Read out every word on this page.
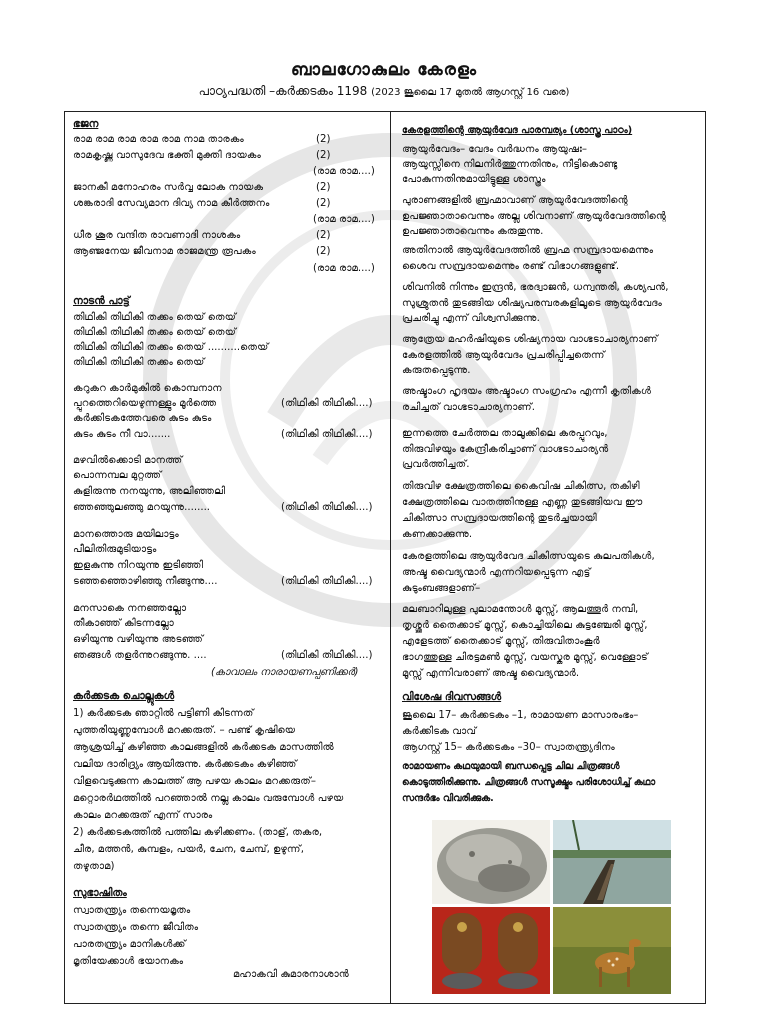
ബാലഗോകുലം കേരളം
പാഠ്യപദ്ധതി –കർക്കടകം 1198 (2023 ജൂലൈ 17 മുതൽ ആഗസ്റ്റ് 16 വരെ)
ഭജന
രാമ രാമ രാമ രാമ രാമ നാമ താരകം	(2)
രാമകൃഷ്ണ വാസുദേവ ഭക്തി മുക്തി ദായകം	(2)
(രാമ രാമ....)
ജാനകീ മനോഹരം സർവ്വ ലോക നായക	(2)
ശങ്കരാദി സേവ്യമാന ദിവ്യ നാമ കീർത്തനം	(2)
(രാമ രാമ....)
ധീര ശൂര വന്ദിത രാവണാദി നാശകം	(2)
ആഞ്ജനേയ ജീവനാമ രാജമന്ത്ര രൂപകം	(2)
(രാമ രാമ....)
നാടൻ പാട്ട്
തിഥികി തിഥികി തക്കം തെയ് തെയ്
തിഥികി തിഥികി തക്കം തെയ് തെയ്
തിഥികി തിഥികി തക്കം തെയ് ..........തെയ്
തിഥികി തിഥികി തക്കം തെയ്
കറുകറ കാർമുകിൽ കൊമ്പനാന
പ്പുറത്തെറിയെഴുന്നള്ളും മൂർത്തെ	(തിഥികി തിഥികി....)
കർക്കിടകത്തേവരെ കുടം കുടം
കുടം കുടം നീ വാ.......	(തിഥികി തിഥികി....)
മഴവിൽക്കൊടി മാനത്ത്
പൊന്നമ്പല മുറ്റത്ത്
കുളിരുന്നു നനയുന്നു, അലിഞ്ഞലി
ഞ്ഞഞ്ഞുലഞ്ഞു മറയുന്നു........	(തിഥികി തിഥികി....)
മാനത്തൊരു മയിലാട്ടം
പീലിതിരുമുടിയാട്ടം
ഇളകുന്നു നിറയുന്നു ഇടിഞ്ഞി
ടഞ്ഞഞ്ഞൊഴിഞ്ഞു നീങ്ങുന്നു....	(തിഥികി തിഥികി....)
മനസാകെ നനഞ്ഞല്ലോ
തീകാഞ്ഞ് കിടന്നല്ലോ
ഒഴിയുന്നു വഴിയുന്നു അടഞ്ഞ്
ഞങ്ങൾ തളർന്നുറങ്ങുന്നു. ....	(തിഥികി തിഥികി....)
(കാവാലം നാരായണപ്പണിക്കർ)
കർക്കടക ചൊല്ലുകൾ
1) കർക്കടക ഞാറ്റിൽ പട്ടിണി കിടന്നത്
പുത്തരിയുണ്ണുമ്പോൾ മറക്കരുത്. – പണ്ട് കൃഷിയെ
ആശ്രയിച്ച് കഴിഞ്ഞ കാലങ്ങളിൽ കർക്കടക മാസത്തിൽ
വലിയ ദാരിദ്ര്യം ആയിരുന്നു. കർക്കടകം കഴിഞ്ഞ്
വിളവെടുക്കുന്ന കാലത്ത് ആ പഴയ കാലം മറക്കരുത്–
മറ്റൊരർഥത്തിൽ പറഞ്ഞാൽ നല്ല കാലം വരുമ്പോൾ പഴയ
കാലം മറക്കരുത് എന്ന് സാരം
2) കർക്കടകത്തിൽ പത്തില കഴിക്കണം. (താള്, തകര,
ചീര, മത്തൻ, കുമ്പളം, പയർ, ചേന, ചേമ്പ്, ഉഴുന്ന്,
തഴുതാമ)
സുഭാഷിതം
സ്വാതന്ത്ര്യം തന്നെയമൃതം
സ്വാതന്ത്ര്യം തന്നെ ജീവിതം
പാരതന്ത്ര്യം മാനികൾക്ക്
മൃതിയേക്കാൾ ഭയാനകം
മഹാകവി കുമാരനാശാൻ
കേരളത്തിന്റെ ആയുർവേദ പാരമ്പര്യം (ശാസ്ത്ര പാഠം)
ആയുർവേദം– വേദം വർദ്ധനം ആയുഷഃ–
ആയുസ്സിനെ നിലനിർത്തുന്നതിനും, നീട്ടികൊണ്ടു
പോകുന്നതിനുമായിട്ടുള്ള ശാസ്ത്രം
പുരാണങ്ങളിൽ ബ്രഹ്മാവാണ് ആയുർവേദത്തിന്റെ
ഉപജ്ഞാതാവെന്നും അല്ല ശിവനാണ് ആയുർവേദത്തിന്റെ
ഉപജ്ഞാതാവെന്നും കരുതുന്നു.
അതിനാൽ ആയുർവേദത്തിൽ ബ്രഹ്മ സമ്പ്രദായമെന്നും
ശൈവ സമ്പ്രദായമെന്നും രണ്ട് വിഭാഗങ്ങളുണ്ട്.
ശിവനിൽ നിന്നും ഇന്ദ്രൻ, ഭരദ്വാജൻ, ധന്വന്തരി, കശ്യപൻ,
സുശ്രുതൻ തുടങ്ങിയ ശിഷ്യപരമ്പരകളിലൂടെ ആയുർവേദം
പ്രചരിച്ചു എന്ന് വിശ്വസിക്കുന്നു.
ആത്രേയ മഹർഷിയുടെ ശിഷ്യനായ വാഗ്ഭടാചാര്യനാണ്
കേരളത്തിൽ ആയുർവേദം പ്രചരിപ്പിച്ചതെന്ന്
കരുതപ്പെടുന്നു.
അഷ്ടാംഗ ഹൃദയം അഷ്ടാംഗ സംഗ്രഹം എന്നീ കൃതികൾ
രചിച്ചത് വാഗ്ഭടാചാര്യനാണ്.
ഇന്നത്തെ ചേർത്തല താലൂക്കിലെ കരപ്പുറവും,
തിരുവിഴയും കേന്ദ്രീകരിച്ചാണ് വാഗ്ഭടാചാര്യൻ
പ്രവർത്തിച്ചത്.
തിരുവിഴ ക്ഷേത്രത്തിലെ കൈവിഷ ചികിത്സ, തകിഴി
ക്ഷേത്രത്തിലെ വാതത്തിനുള്ള എണ്ണ തുടങ്ങിയവ ഈ
ചികിത്സാ സമ്പ്രദായത്തിന്റെ തുടർച്ചയായി
കണക്കാക്കുന്നു.
കേരളത്തിലെ ആയുർവേദ ചികിത്സയുടെ കുലപതികൾ,
അഷ്ട വൈദ്യന്മാർ എന്നറിയപ്പെടുന്ന എട്ട്
കുടുംബങ്ങളാണ്–
മലബാറിലുള്ള പുലാമന്തോൾ മൂസ്സ്, ആലത്തൂർ നമ്പി,
തൃശ്ശൂർ തൈക്കാട് മൂസ്സ്, കൊച്ചിയിലെ കുട്ടഞ്ചേരി മൂസ്സ്,
എളേടത്ത് തൈക്കാട് മൂസ്സ്, തിരുവിതാംകൂർ
ഭാഗത്തുള്ള ചിരട്ടമൺ മൂസ്സ്, വയസ്കര മൂസ്സ്, വെള്ളോട്
മൂസ്സ് എന്നിവരാണ് അഷ്ട വൈദ്യന്മാർ.
വിശേഷ ദിവസങ്ങൾ
ജൂലൈ 17– കർക്കടകം –1, രാമായണ മാസാരംഭം–
കർക്കിടക വാവ്
ആഗസ്റ്റ് 15– കർക്കടകം –30– സ്വാതന്ത്ര്യദിനം
രാമായണം കഥയുമായി ബന്ധപ്പെട്ട ചില ചിത്രങ്ങൾ
കൊടുത്തിരിക്കുന്നു. ചിത്രങ്ങൾ സസൂക്ഷ്മം പരിശോധിച്ച് കഥാ
സന്ദർഭം വിവരിക്കുക.
